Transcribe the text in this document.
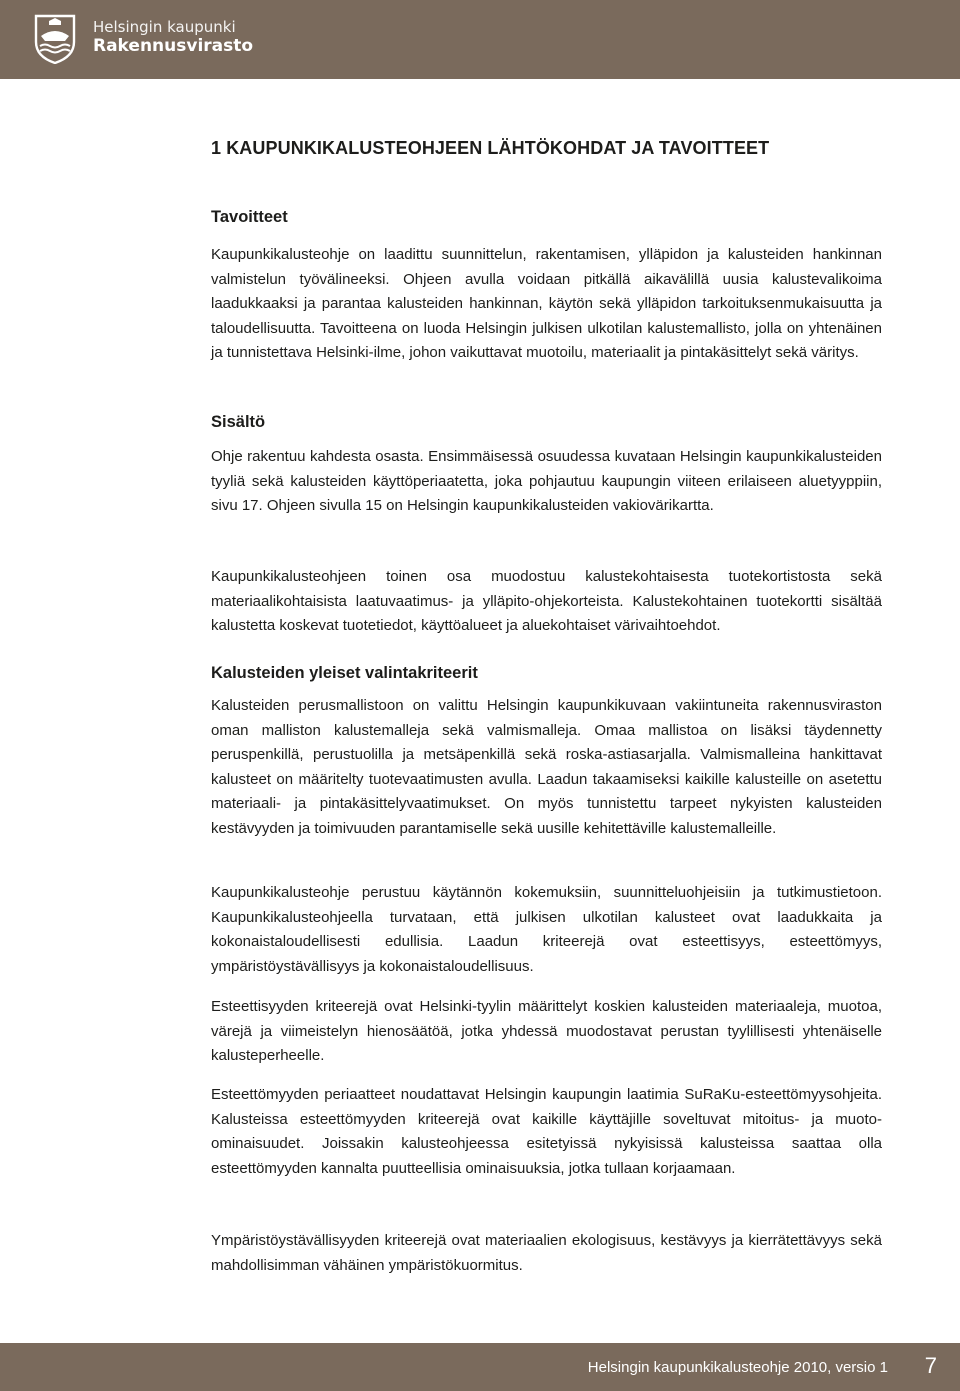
Helsingin kaupunki
Rakennusvirasto
1 KAUPUNKIKALUSTEOHJEEN LÄHTÖKOHDAT JA TAVOITTEET
Tavoitteet

Kaupunkikalusteohje on laadittu suunnittelun, rakentamisen, ylläpidon ja kalusteiden hankinnan valmistelun työvälineeksi. Ohjeen avulla voidaan pitkällä aikavälillä uusia kalustevalikoima laadukkaaksi ja parantaa kalusteiden hankinnan, käytön sekä ylläpidon tarkoituksenmukaisuutta ja taloudellisuutta. Tavoitteena on luoda Helsingin julkisen ulkotilan kalustemallisto, jolla on yhtenäinen ja tunnistettava Helsinki-ilme, johon vaikuttavat muotoilu, materiaalit ja pintakäsittelyt sekä väritys.

Sisältö

Ohje rakentuu kahdesta osasta. Ensimmäisessä osuudessa kuvataan Helsingin kaupunkikalusteiden tyyliä sekä kalusteiden käyttöperiaatetta, joka pohjautuu kaupungin viiteen erilaiseen aluetyyppiin, sivu 17. Ohjeen sivulla 15 on Helsingin kaupunkikalusteiden vakiovärikartta.

Kaupunkikalusteohjeen toinen osa muodostuu kalustekohtaisesta tuotekortistosta sekä materiaalikohtaisista laatuvaatimus- ja ylläpito-ohjekorteista. Kalustekohtainen tuotekortti sisältää kalustetta koskevat tuotetiedot, käyttöalueet ja aluekohtaiset värivaihtoehdot.

Kalusteiden yleiset valintakriteerit

Kalusteiden perusmallistoon on valittu Helsingin kaupunkikuvaan vakiintuneita rakennusviraston oman malliston kalustemalleja sekä valmismalleja. Omaa mallistoa on lisäksi täydennetty peruspenkillä, perustuolilla ja metsäpenkillä sekä roska-astiasarjalla. Valmismalleina hankittavat kalusteet on määritelty tuotevaatimusten avulla. Laadun takaamiseksi kaikille kalusteille on asetettu materiaali- ja pintakäsittelyvaatimukset. On myös tunnistettu tarpeet nykyisten kalusteiden kestävyyden ja toimivuuden parantamiselle sekä uusille kehitettäville kalustemalleille.

Kaupunkikalusteohje perustuu käytännön kokemuksiin, suunnitteluohjeisiin ja tutkimustietoon. Kaupunkikalusteohjeella turvataan, että julkisen ulkotilan kalusteet ovat laadukkaita ja kokonaistaloudellisesti edullisia. Laadun kriteerejä ovat esteettisyys, esteettömyys, ympäristöystävällisyys ja kokonaistaloudellisuus.

Esteettisyyden kriteerejä ovat Helsinki-tyylin määrittelyt koskien kalusteiden materiaaleja, muotoa, värejä ja viimeistelyn hienosäätöä, jotka yhdessä muodostavat perustan tyylillisesti yhtenäiselle kalusteperheelle.

Esteettömyyden periaatteet noudattavat Helsingin kaupungin laatimia SuRaKu-esteettömyysohjeita. Kalusteissa esteettömyyden kriteerejä ovat kaikille käyttäjille soveltuvat mitoitus- ja muoto-ominaisuudet. Joissakin kalusteohjeessa esitetyissä nykyisissä kalusteissa saattaa olla esteettömyyden kannalta puutteellisia ominaisuuksia, jotka tullaan korjaamaan.

Ympäristöystävällisyyden kriteerejä ovat materiaalien ekologisuus, kestävyys ja kierrätettävyys sekä mahdollisimman vähäinen ympäristökuormitus.

Helsingin kaupunkikalusteohje 2010, versio 1 7
